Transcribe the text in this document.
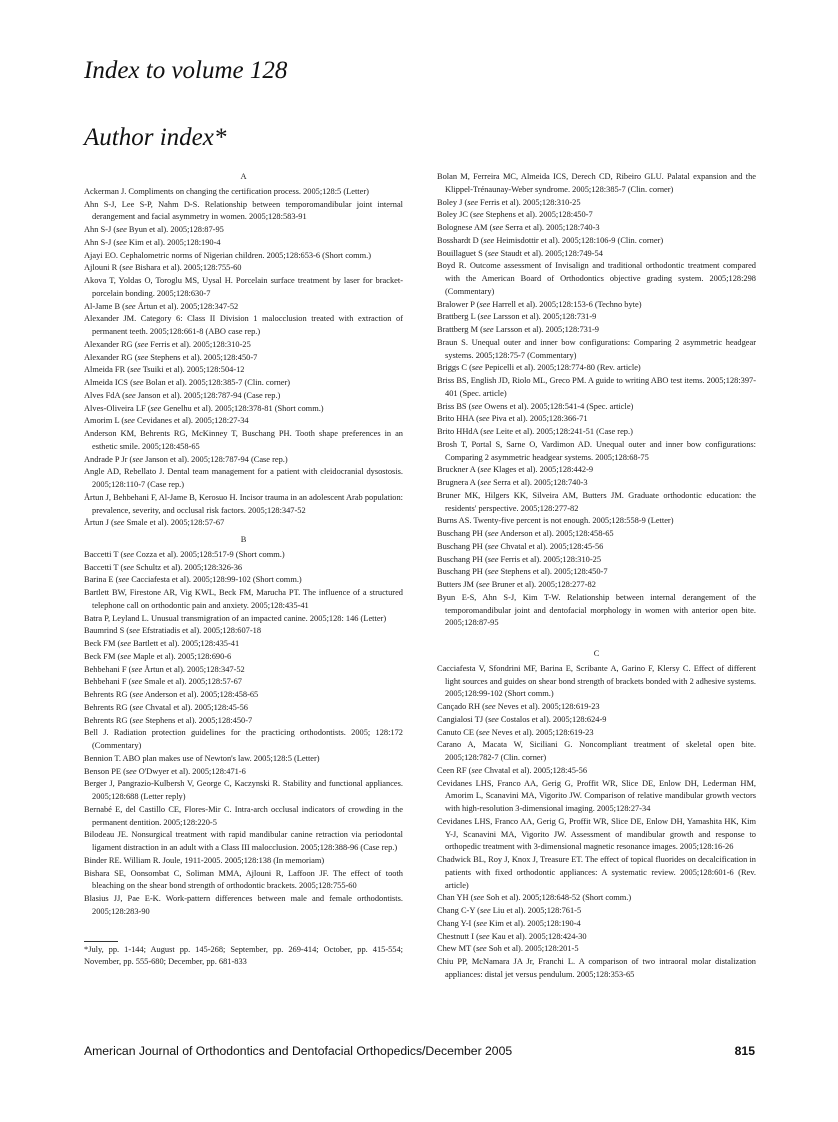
Index to volume 128
Author index*
A
Ackerman J. Compliments on changing the certification process. 2005;128:5 (Letter)
Ahn S-J, Lee S-P, Nahm D-S. Relationship between temporomandibular joint internal derangement and facial asymmetry in women. 2005;128:583-91
Ahn S-J (see Byun et al). 2005;128:87-95
Ahn S-J (see Kim et al). 2005;128:190-4
Ajayi EO. Cephalometric norms of Nigerian children. 2005;128:653-6 (Short comm.)
Ajlouni R (see Bishara et al). 2005;128:755-60
Akova T, Yoldas O, Toroglu MS, Uysal H. Porcelain surface treatment by laser for bracket-porcelain bonding. 2005;128:630-7
Al-Jame B (see Årtun et al). 2005;128:347-52
Alexander JM. Category 6: Class II Division 1 malocclusion treated with extraction of permanent teeth. 2005;128:661-8 (ABO case rep.)
Alexander RG (see Ferris et al). 2005;128:310-25
Alexander RG (see Stephens et al). 2005;128:450-7
Almeida FR (see Tsuiki et al). 2005;128:504-12
Almeida ICS (see Bolan et al). 2005;128:385-7 (Clin. corner)
Alves FdA (see Janson et al). 2005;128:787-94 (Case rep.)
Alves-Oliveira LF (see Genelhu et al). 2005;128:378-81 (Short comm.)
Amorim L (see Cevidanes et al). 2005;128:27-34
Anderson KM, Behrents RG, McKinney T, Buschang PH. Tooth shape preferences in an esthetic smile. 2005;128:458-65
Andrade P Jr (see Janson et al). 2005;128:787-94 (Case rep.)
Angle AD, Rebellato J. Dental team management for a patient with cleidocranial dysostosis. 2005;128:110-7 (Case rep.)
Årtun J, Behbehani F, Al-Jame B, Kerosuo H. Incisor trauma in an adolescent Arab population: prevalence, severity, and occlusal risk factors. 2005;128:347-52
Årtun J (see Smale et al). 2005;128:57-67
B
Baccetti T (see Cozza et al). 2005;128:517-9 (Short comm.)
Baccetti T (see Schultz et al). 2005;128:326-36
Barina E (see Cacciafesta et al). 2005;128:99-102 (Short comm.)
Bartlett BW, Firestone AR, Vig KWL, Beck FM, Marucha PT. The influence of a structured telephone call on orthodontic pain and anxiety. 2005;128:435-41
Batra P, Leyland L. Unusual transmigration of an impacted canine. 2005;128: 146 (Letter)
Baumrind S (see Efstratiadis et al). 2005;128:607-18
Beck FM (see Bartlett et al). 2005;128:435-41
Beck FM (see Maple et al). 2005;128:690-6
Behbehani F (see Årtun et al). 2005;128:347-52
Behbehani F (see Smale et al). 2005;128:57-67
Behrents RG (see Anderson et al). 2005;128:458-65
Behrents RG (see Chvatal et al). 2005;128:45-56
Behrents RG (see Stephens et al). 2005;128:450-7
Bell J. Radiation protection guidelines for the practicing orthodontists. 2005; 128:172 (Commentary)
Bennion T. ABO plan makes use of Newton's law. 2005;128:5 (Letter)
Benson PE (see O'Dwyer et al). 2005;128:471-6
Berger J, Pangrazio-Kulbersh V, George C, Kaczynski R. Stability and functional appliances. 2005;128:688 (Letter reply)
Bernabé E, del Castillo CE, Flores-Mir C. Intra-arch occlusal indicators of crowding in the permanent dentition. 2005;128:220-5
Bilodeau JE. Nonsurgical treatment with rapid mandibular canine retraction via periodontal ligament distraction in an adult with a Class III malocclusion. 2005;128:388-96 (Case rep.)
Binder RE. William R. Joule, 1911-2005. 2005;128:138 (In memoriam)
Bishara SE, Oonsombat C, Soliman MMA, Ajlouni R, Laffoon JF. The effect of tooth bleaching on the shear bond strength of orthodontic brackets. 2005;128:755-60
Blasius JJ, Pae E-K. Work-pattern differences between male and female orthodontists. 2005;128:283-90
*July, pp. 1-144; August pp. 145-268; September, pp. 269-414; October, pp. 415-554; November, pp. 555-680; December, pp. 681-833
Bolan M, Ferreira MC, Almeida ICS, Derech CD, Ribeiro GLU. Palatal expansion and the Klippel-Trénaunay-Weber syndrome. 2005;128:385-7 (Clin. corner)
Boley J (see Ferris et al). 2005;128:310-25
Boley JC (see Stephens et al). 2005;128:450-7
Bolognese AM (see Serra et al). 2005;128:740-3
Bosshardt D (see Heimisdottir et al). 2005;128:106-9 (Clin. corner)
Bouillaguet S (see Staudt et al). 2005;128:749-54
Boyd R. Outcome assessment of Invisalign and traditional orthodontic treatment compared with the American Board of Orthodontics objective grading system. 2005;128:298 (Commentary)
Bralower P (see Harrell et al). 2005;128:153-6 (Techno byte)
Brattberg L (see Larsson et al). 2005;128:731-9
Brattberg M (see Larsson et al). 2005;128:731-9
Braun S. Unequal outer and inner bow configurations: Comparing 2 asymmetric headgear systems. 2005;128:75-7 (Commentary)
Briggs C (see Pepicelli et al). 2005;128:774-80 (Rev. article)
Briss BS, English JD, Riolo ML, Greco PM. A guide to writing ABO test items. 2005;128:397-401 (Spec. article)
Briss BS (see Owens et al). 2005;128:541-4 (Spec. article)
Brito HHA (see Piva et al). 2005;128:366-71
Brito HHdA (see Leite et al). 2005;128:241-51 (Case rep.)
Brosh T, Portal S, Sarne O, Vardimon AD. Unequal outer and inner bow configurations: Comparing 2 asymmetric headgear systems. 2005;128:68-75
Bruckner A (see Klages et al). 2005;128:442-9
Brugnera A (see Serra et al). 2005;128:740-3
Bruner MK, Hilgers KK, Silveira AM, Butters JM. Graduate orthodontic education: the residents' perspective. 2005;128:277-82
Burns AS. Twenty-five percent is not enough. 2005;128:558-9 (Letter)
Buschang PH (see Anderson et al). 2005;128:458-65
Buschang PH (see Chvatal et al). 2005;128:45-56
Buschang PH (see Ferris et al). 2005;128:310-25
Buschang PH (see Stephens et al). 2005;128:450-7
Butters JM (see Bruner et al). 2005;128:277-82
Byun E-S, Ahn S-J, Kim T-W. Relationship between internal derangement of the temporomandibular joint and dentofacial morphology in women with anterior open bite. 2005;128:87-95
C
Cacciafesta V, Sfondrini MF, Barina E, Scribante A, Garino F, Klersy C. Effect of different light sources and guides on shear bond strength of brackets bonded with 2 adhesive systems. 2005;128:99-102 (Short comm.)
Cançado RH (see Neves et al). 2005;128:619-23
Cangialosi TJ (see Costalos et al). 2005;128:624-9
Canuto CE (see Neves et al). 2005;128:619-23
Carano A, Macata W, Siciliani G. Noncompliant treatment of skeletal open bite. 2005;128:782-7 (Clin. corner)
Ceen RF (see Chvatal et al). 2005;128:45-56
Cevidanes LHS, Franco AA, Gerig G, Proffit WR, Slice DE, Enlow DH, Lederman HM, Amorim L, Scanavini MA, Vigorito JW. Comparison of relative mandibular growth vectors with high-resolution 3-dimensional imaging. 2005;128:27-34
Cevidanes LHS, Franco AA, Gerig G, Proffit WR, Slice DE, Enlow DH, Yamashita HK, Kim Y-J, Scanavini MA, Vigorito JW. Assessment of mandibular growth and response to orthopedic treatment with 3-dimensional magnetic resonance images. 2005;128:16-26
Chadwick BL, Roy J, Knox J, Treasure ET. The effect of topical fluorides on decalcification in patients with fixed orthodontic appliances: A systematic review. 2005;128:601-6 (Rev. article)
Chan YH (see Soh et al). 2005;128:648-52 (Short comm.)
Chang C-Y (see Liu et al). 2005;128:761-5
Chang Y-I (see Kim et al). 2005;128:190-4
Chestnutt I (see Kau et al). 2005;128:424-30
Chew MT (see Soh et al). 2005;128:201-5
Chiu PP, McNamara JA Jr, Franchi L. A comparison of two intraoral molar distalization appliances: distal jet versus pendulum. 2005;128:353-65
American Journal of Orthodontics and Dentofacial Orthopedics/December 2005	815
